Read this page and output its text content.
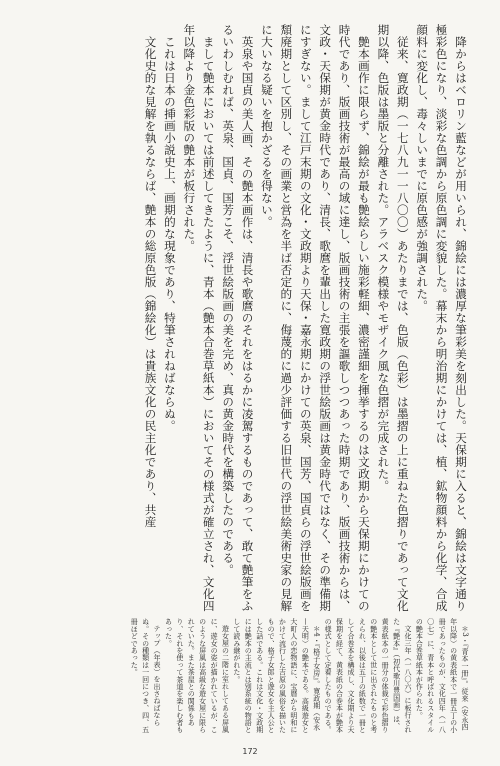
降からはベロリン藍などが用いられ、錦絵には濃厚な筆彩美を刻出した。天保期に入ると、錦絵は文字通り極彩色になり、淡彩な色調から原色調に変貌した。幕末から明治期にかけては、植、鉱物顔料から化学、合成顔料に変化し、毒々しいまでに原色感が強調された。

従来、寛政期（一七八九一一八〇〇）あたりまでは、色版（色彩）は墨摺の上に重ねた色摺りであって文化期以降、色版は墨版と分離された。アラベスク模様やモザイク風な色摺が完成された。

艶本画作に限らず、錦絵が最も艶絵らしい施彩軽細、濃密謹細を揮挙するのは文政期から天保期にかけての時代であり、版画技術が最高の域に達し、版画技術の主張を謳歌しつつあった時期であり、版画技術からは、文政・天保期が黄金時代であり、清長、歌麿を輩出した寛政期の浮世絵版画は黄金時代ではなく、その準備期にすぎない。まして江戸末期の文化・文政期より天保・嘉永期にかけての英泉、国芳、国貞らの浮世絵版画を頽廃期として区別し、その画業と営為を半ば否定的に、侮蔑的に過少評価する旧世代の浮世絵美術史家の見解に大いなる疑いを抱かざるを得ない。

英泉や国貞の美人画、その艶本画作は、清長や歌麿のそれをはるかに凌駕するものであって、敢て艶筆をふるいわしむれば、英泉、国貞、国芳こそ、浮世絵版画の美を完め、真の黄金時代を構築したのである。

まして艶本においては前述してきたように、青本（艶本合巻草紙本）においてその様式が確立され、文化四年以降より金色彩版の艶本が板行された。

これは日本の挿画小説史上、画期的な現象であり、特筆されねばならぬ。

文化史的な見解を執るならば、艶本の総原色版（錦絵化）は貴族文化の民主化であり、共産

＊3・『青本一冊』。従来（安永四年以降）の黄表紙本で一冊五丁の小冊であったものが、文化四年（一八〇七）に、青本と呼ばれるスタイルの艶本合巻草紙本が作られた。

文化三年（一八〇六）に板行された『艶本』（初代歌川豊国画）は、黄表紙本の一冊分の体裁で彩色摺りの艶本として世に出されたものと考えられ、以後は五丁の紙数で一冊として合巻本を構成し、文化期より天保期を経て、黄表紙の合巻本が艶本の様式として定着したものである。

＊4・『格子女房』。寛政期（安永—天明）の艶本である。高級遊女と大町人の恋物語に、宝暦から明和にかけて流行した吉原の風俗を描いたもので、格子女郎と遊女を主人公とした話である。これは文化・文政期には艶本の主流とは別系統の物語として読み継がれた。

遊女屋の二階に室れしてある屏風に、遊女の姿が描かれているが、このような屏風は高級な遊女屋に限られていた。また茶屋との関係もあり、それを使って茶道を楽しむ者もあった。

テップ（年表）を出さねばならぬ。その種類は一回につき、四、五冊ほどであった。

172
